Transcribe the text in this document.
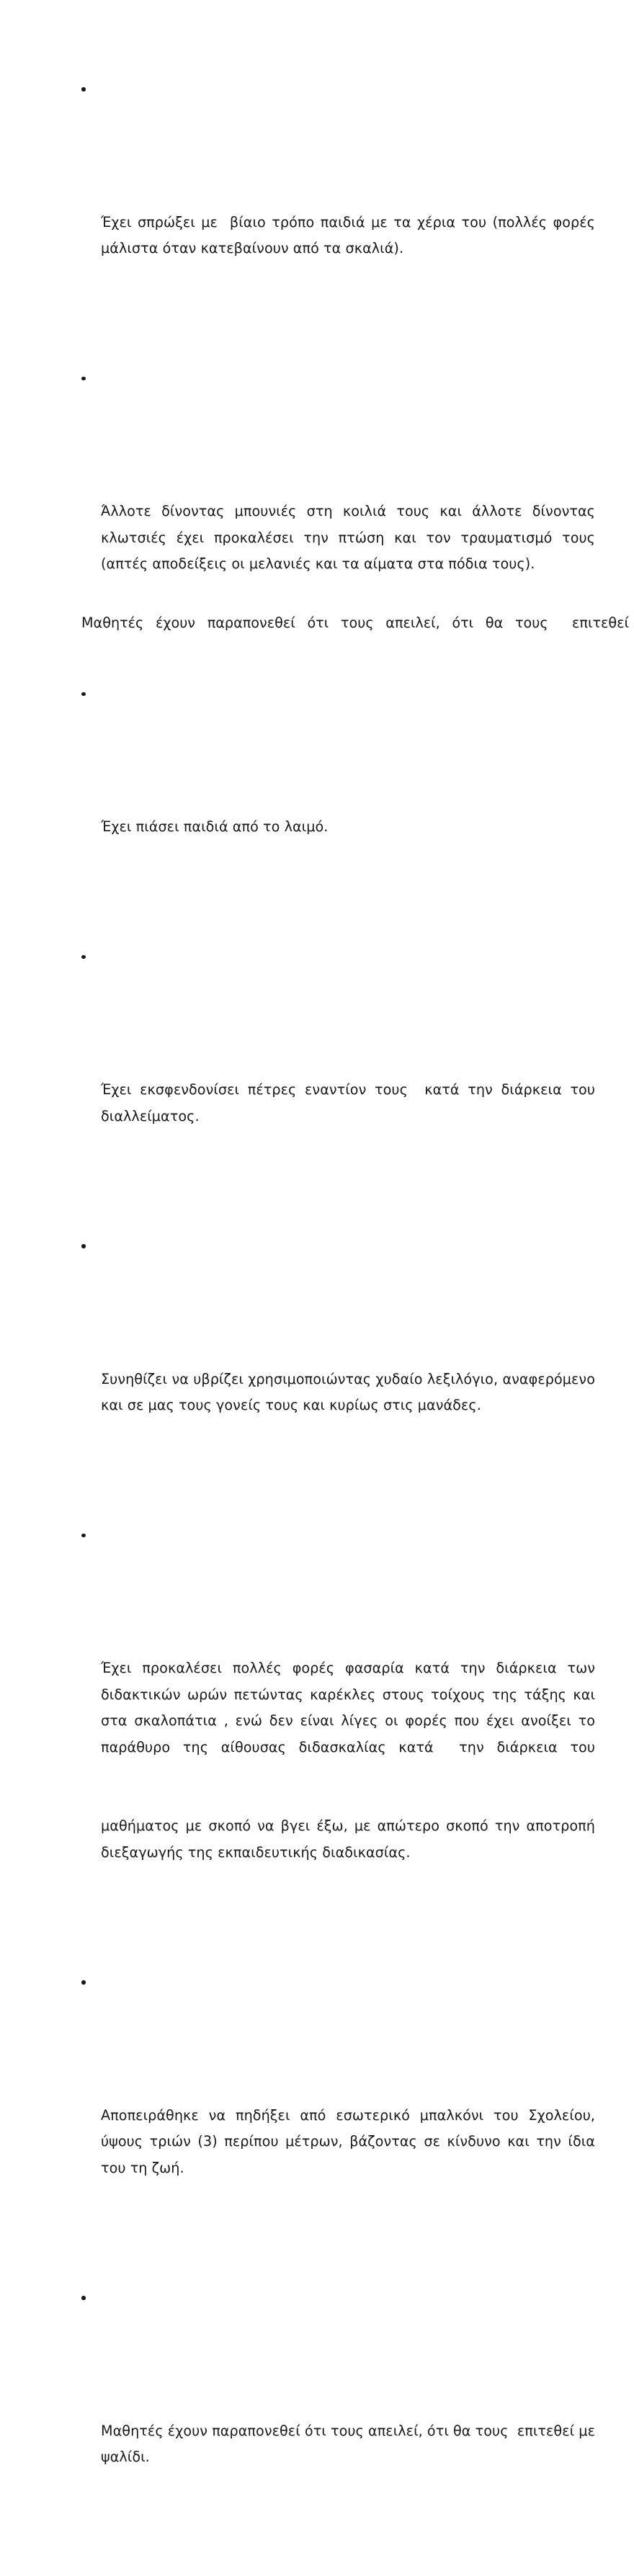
Έχει σπρώξει με  βίαιο τρόπο παιδιά με τα χέρια του (πολλές φορές μάλιστα όταν κατεβαίνουν από τα σκαλιά).

Άλλοτε δίνοντας μπουνιές στη κοιλιά τους και άλλοτε δίνοντας κλωτσιές έχει προκαλέσει την πτώση και τον τραυματισμό τους (απτές αποδείξεις οι μελανιές και τα αίματα στα πόδια τους).

Έχει πιάσει παιδιά από το λαιμό.

Έχει εκσφενδονίσει πέτρες εναντίον τους  κατά την διάρκεια του διαλλείματος.

Συνηθίζει να υβρίζει χρησιμοποιώντας χυδαίο λεξιλόγιο, αναφερόμενο και σε μας τους γονείς τους και κυρίως στις μανάδες.

Έχει προκαλέσει πολλές φορές φασαρία κατά την διάρκεια των διδακτικών ωρών πετώντας καρέκλες στους τοίχους της τάξης και στα σκαλοπάτια , ενώ δεν είναι λίγες οι φορές που έχει ανοίξει το παράθυρο της αίθουσας διδασκαλίας κατά  την διάρκεια του

μαθήματος με σκοπό να βγει έξω, με απώτερο σκοπό την αποτροπή διεξαγωγής της εκπαιδευτικής διαδικασίας.

Αποπειράθηκε να πηδήξει από εσωτερικό μπαλκόνι του Σχολείου, ύψους τριών (3) περίπου μέτρων, βάζοντας σε κίνδυνο και την ίδια του τη ζωή.

Μαθητές έχουν παραπονεθεί ότι τους απειλεί, ότι θα τους  επιτεθεί με ψαλίδι.

Μαθητές έχουν παραπονεθεί ότι τους απειλεί, ότι θα τους  επιτεθεί
